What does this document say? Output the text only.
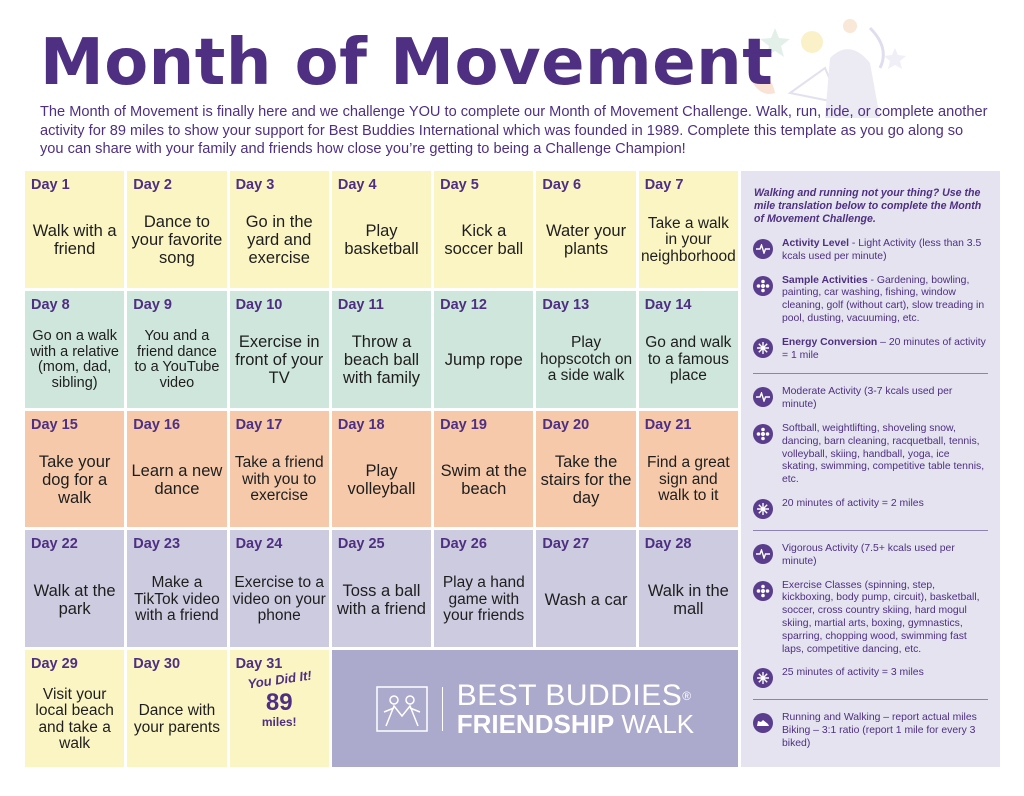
Month of Movement

The Month of Movement is finally here and we challenge YOU to complete our Month of Movement Challenge. Walk, run, ride, or complete another activity for 89 miles to show your support for Best Buddies International which was founded in 1989. Complete this template as you go along so you can share with your family and friends how close you’re getting to being a Challenge Champion!

Day 1
Walk with a friend
Day 2
Dance to your favorite song
Day 3
Go in the yard and exercise
Day 4
Play basketball
Day 5
Kick a soccer ball
Day 6
Water your plants
Day 7
Take a walk in your neighborhood
Day 8
Go on a walk with a relative (mom, dad, sibling)
Day 9
You and a friend dance to a YouTube video
Day 10
Exercise in front of your TV
Day 11
Throw a beach ball with family
Day 12
Jump rope
Day 13
Play hopscotch on a side walk
Day 14
Go and walk to a famous place
Day 15
Take your dog for a walk
Day 16
Learn a new dance
Day 17
Take a friend with you to exercise
Day 18
Play volleyball
Day 19
Swim at the beach
Day 20
Take the stairs for the day
Day 21
Find a great sign and walk to it
Day 22
Walk at the park
Day 23
Make a TikTok video with a friend
Day 24
Exercise to a video on your phone
Day 25
Toss a ball with a friend
Day 26
Play a hand game with your friends
Day 27
Wash a car
Day 28
Walk in the mall
Day 29
Visit your local beach and take a walk
Day 30
Dance with your parents
Day 31
You Did It!
89
miles!
BEST BUDDIES®
FRIENDSHIP WALK

Walking and running not your thing? Use the mile translation below to complete the Month of Movement Challenge.

Activity Level - Light Activity (less than 3.5 kcals used per minute)

Sample Activities - Gardening, bowling, painting, car washing, fishing, window cleaning, golf (without cart), slow treading in pool, dusting, vacuuming, etc.

Energy Conversion – 20 minutes of activity = 1 mile

Moderate Activity (3-7 kcals used per minute)

Softball, weightlifting, shoveling snow, dancing, barn cleaning, racquetball, tennis, volleyball, skiing, handball, yoga, ice skating, swimming, competitive table tennis, etc.

20 minutes of activity = 2 miles

Vigorous Activity (7.5+ kcals used per minute)

Exercise Classes (spinning, step, kickboxing, body pump, circuit), basketball, soccer, cross country skiing, hard mogul skiing, martial arts, boxing, gymnastics, sparring, chopping wood, swimming fast laps, competitive dancing, etc.

25 minutes of activity = 3 miles

Running and Walking – report actual miles Biking – 3:1 ratio (report 1 mile for every 3 biked)
